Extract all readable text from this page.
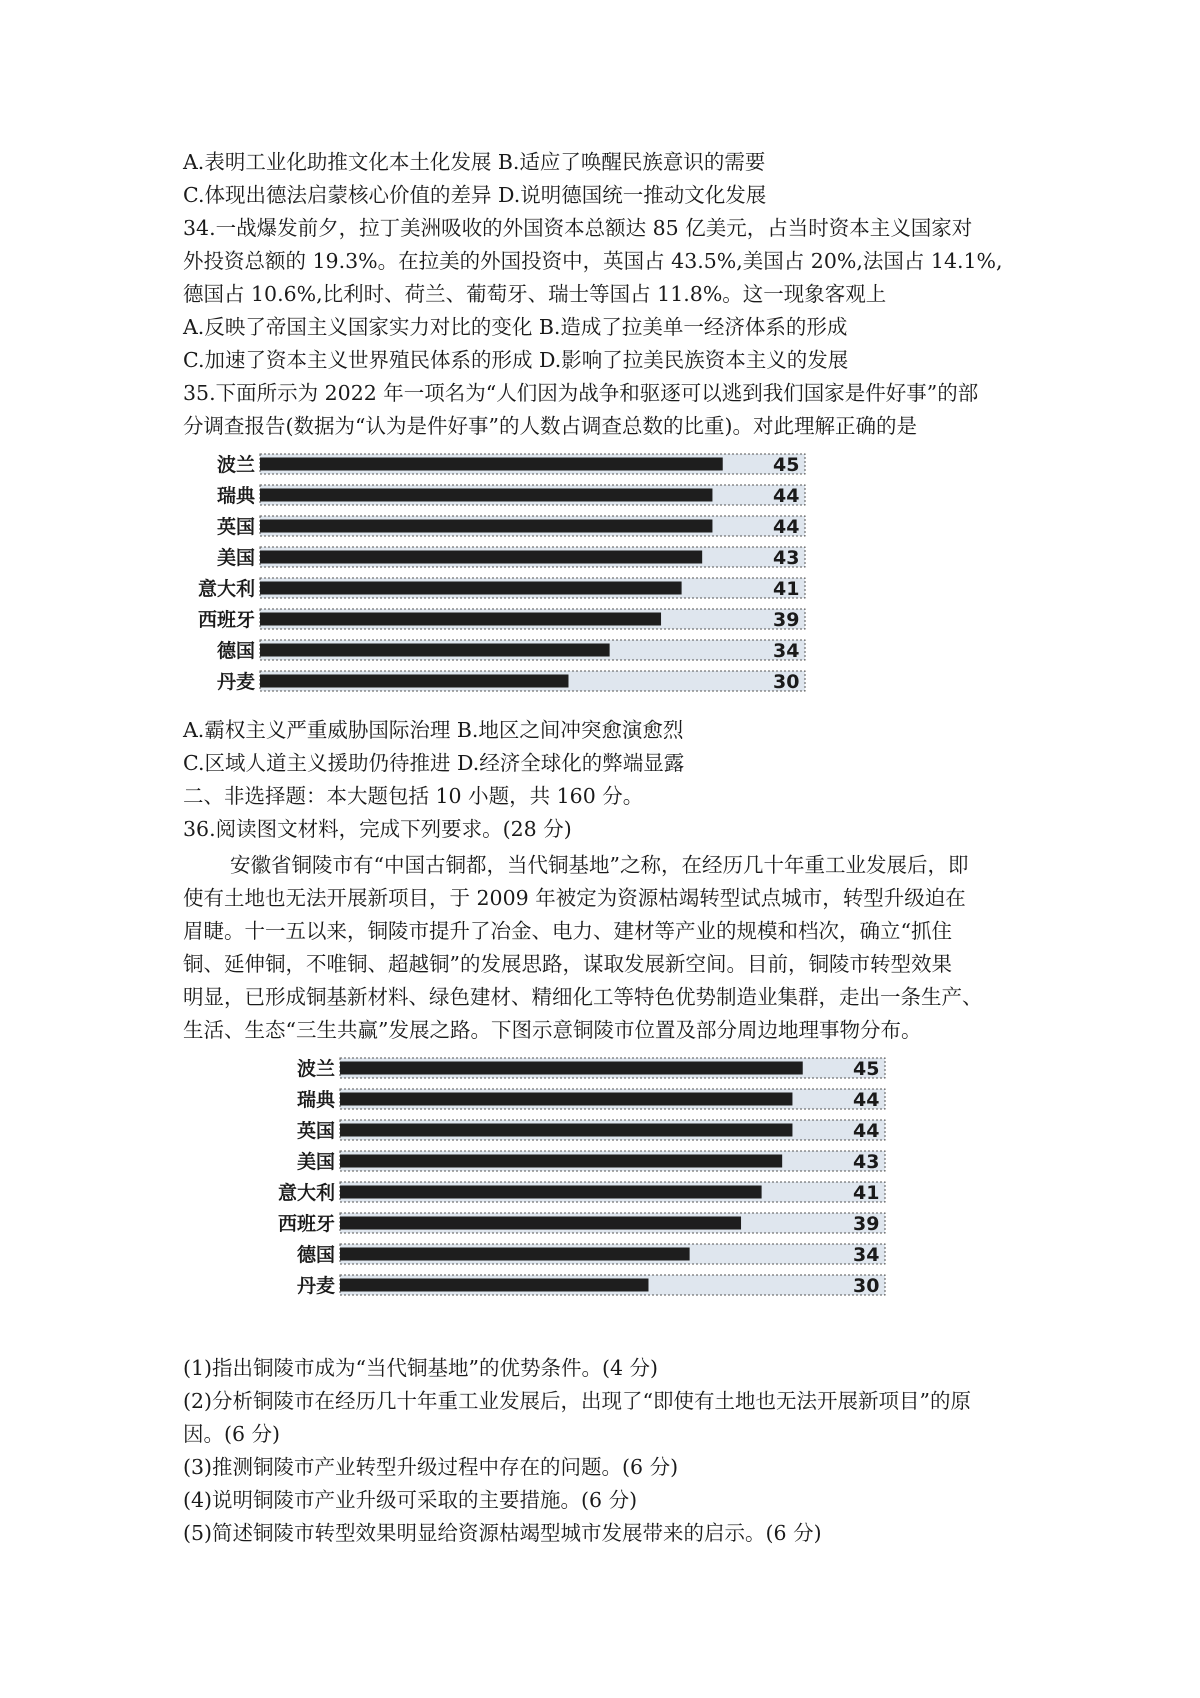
A.表明工业化助推文化本土化发展 B.适应了唤醒民族意识的需要
C.体现出德法启蒙核心价值的差异 D.说明德国统一推动文化发展
34.一战爆发前夕，拉丁美洲吸收的外国资本总额达 85 亿美元，占当时资本主义国家对
外投资总额的 19.3%。在拉美的外国投资中，英国占 43.5%,美国占 20%,法国占 14.1%,
德国占 10.6%,比利时、荷兰、葡萄牙、瑞士等国占 11.8%。这一现象客观上
A.反映了帝国主义国家实力对比的变化 B.造成了拉美单一经济体系的形成
C.加速了资本主义世界殖民体系的形成 D.影响了拉美民族资本主义的发展
35.下面所示为 2022 年一项名为“人们因为战争和驱逐可以逃到我们国家是件好事”的部
分调查报告(数据为“认为是件好事”的人数占调查总数的比重)。对此理解正确的是
波兰	45
瑞典	44
英国	44
美国	43
意大利	41
西班牙	39
德国	34
丹麦	30
A.霸权主义严重威胁国际治理 B.地区之间冲突愈演愈烈
C.区域人道主义援助仍待推进 D.经济全球化的弊端显露
二、非选择题：本大题包括 10 小题，共 160 分。
36.阅读图文材料，完成下列要求。(28 分)
安徽省铜陵市有“中国古铜都，当代铜基地”之称，在经历几十年重工业发展后，即
使有土地也无法开展新项目，于 2009 年被定为资源枯竭转型试点城市，转型升级迫在
眉睫。十一五以来，铜陵市提升了冶金、电力、建材等产业的规模和档次，确立“抓住
铜、延伸铜，不唯铜、超越铜”的发展思路，谋取发展新空间。目前，铜陵市转型效果
明显，已形成铜基新材料、绿色建材、精细化工等特色优势制造业集群，走出一条生产、
生活、生态“三生共赢”发展之路。下图示意铜陵市位置及部分周边地理事物分布。
波兰	45
瑞典	44
英国	44
美国	43
意大利	41
西班牙	39
德国	34
丹麦	30
(1)指出铜陵市成为“当代铜基地”的优势条件。(4 分)
(2)分析铜陵市在经历几十年重工业发展后，出现了“即使有土地也无法开展新项目”的原
因。(6 分)
(3)推测铜陵市产业转型升级过程中存在的问题。(6 分)
(4)说明铜陵市产业升级可采取的主要措施。(6 分)
(5)简述铜陵市转型效果明显给资源枯竭型城市发展带来的启示。(6 分)
